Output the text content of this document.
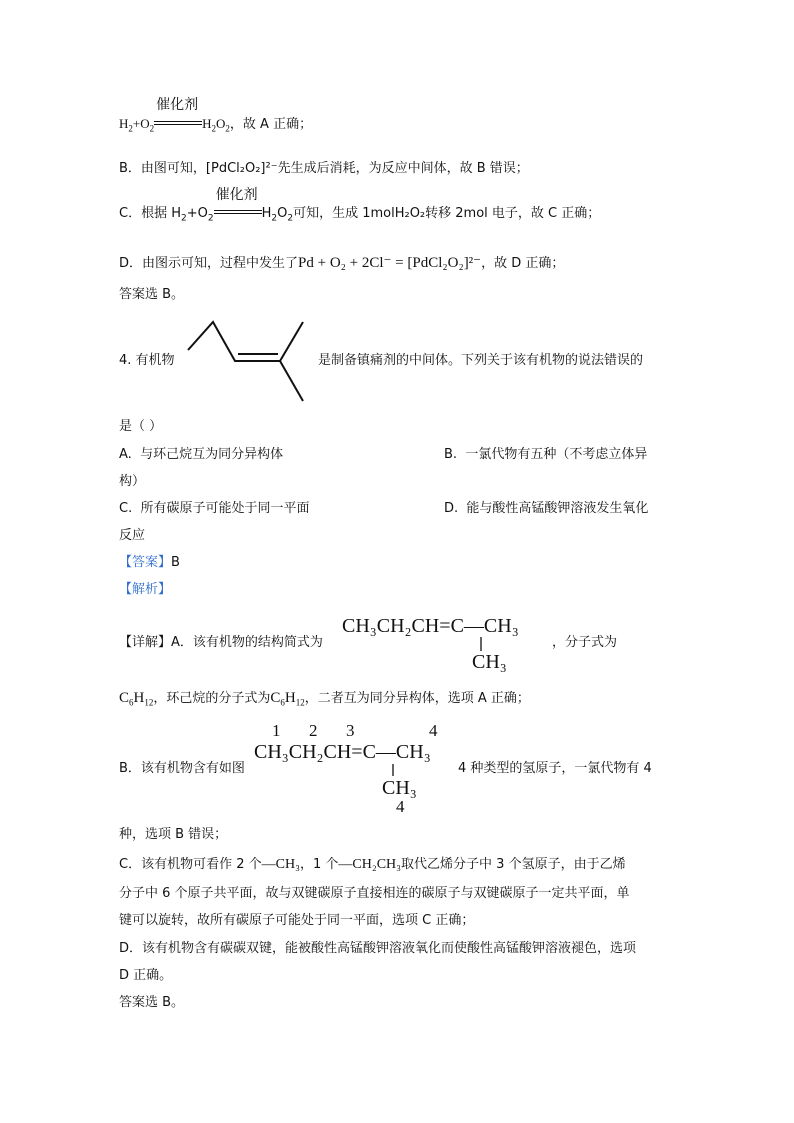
$H_2+O_2$
催化剂
$H_2O_2$，故 A 正确；
B．由图可知，[PdCl₂O₂]²⁻先生成后消耗，为反应中间体，故 B 错误；
C．根据 $H_2+O_2$
催化剂
$H_2O_2$可知，生成 1molH₂O₂转移 2mol 电子，故 C 正确；
D．由图示可知，过程中发生了Pd + O₂ + 2Cl⁻ = [PdCl₂O₂]²⁻，故 D 正确；
答案选 B。
4. 有机物	是制备镇痛剂的中间体。下列关于该有机物的说法错误的
是（ ）
A. 与环己烷互为同分异构体	B. 一氯代物有五种（不考虑立体异
构）
C. 所有碳原子可能处于同一平面	D. 能与酸性高锰酸钾溶液发生氧化
反应
【答案】B
【解析】
【详解】A．该有机物的结构简式为
CH₃CH₂CH=C—CH₃
CH₃
，分子式为
$C_6H_{12}$，环己烷的分子式为$C_6H_{12}$，二者互为同分异构体，选项 A 正确；
B．该有机物含有如图
1 2 3	4
CH₃CH₂CH=C—CH₃
CH₃
4
4 种类型的氢原子，一氯代物有 4
种，选项 B 错误；
C．该有机物可看作 2 个—CH₃，1 个—CH₂CH₃取代乙烯分子中 3 个氢原子，由于乙烯
分子中 6 个原子共平面，故与双键碳原子直接相连的碳原子与双键碳原子一定共平面，单
键可以旋转，故所有碳原子可能处于同一平面，选项 C 正确；
D．该有机物含有碳碳双键，能被酸性高锰酸钾溶液氧化而使酸性高锰酸钾溶液褪色，选项
D 正确。
答案选 B。
